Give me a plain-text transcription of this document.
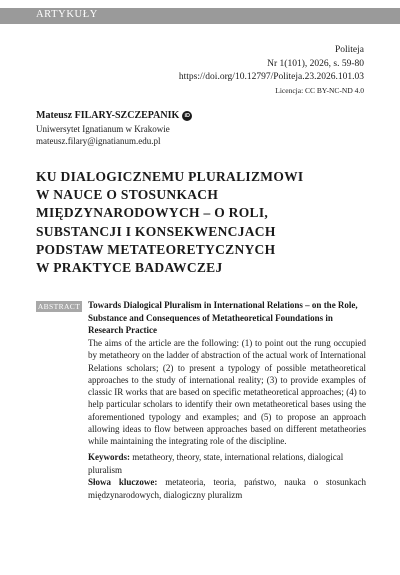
ARTYKUŁY
Politeja
Nr 1(101), 2026, s. 59-80
https://doi.org/10.12797/Politeja.23.2026.101.03
Licencja: CC BY-NC-ND 4.0
Mateusz FILARY-SZCZEPANIK iD
Uniwersytet Ignatianum w Krakowie
mateusz.filary@ignatianum.edu.pl
KU DIALOGICZNEMU PLURALIZMOWI
W NAUCE O STOSUNKACH
MIĘDZYNARODOWYCH – O ROLI,
SUBSTANCJI I KONSEKWENCJACH
PODSTAW METATEORETYCZNYCH
W PRAKTYCE BADAWCZEJ
ABSTRACT Towards Dialogical Pluralism in International Relations – on the Role, Substance and Consequences of Metatheoretical Foundations in Research Practice
The aims of the article are the following: (1) to point out the rung occupied by metatheory on the ladder of abstraction of the actual work of International Relations scholars; (2) to present a typology of possible metatheoretical approaches to the study of international reality; (3) to provide examples of classic IR works that are based on specific metatheoretical approaches; (4) to help particular scholars to identify their own metatheoretical bases using the aforementioned typology and examples; and (5) to propose an approach allowing ideas to flow between approaches based on different metatheories while maintaining the integrating role of the discipline.
Keywords: metatheory, theory, state, international relations, dialogical pluralism
Słowa kluczowe: metateoria, teoria, państwo, nauka o stosunkach międzynarodowych, dialogiczny pluralizm
